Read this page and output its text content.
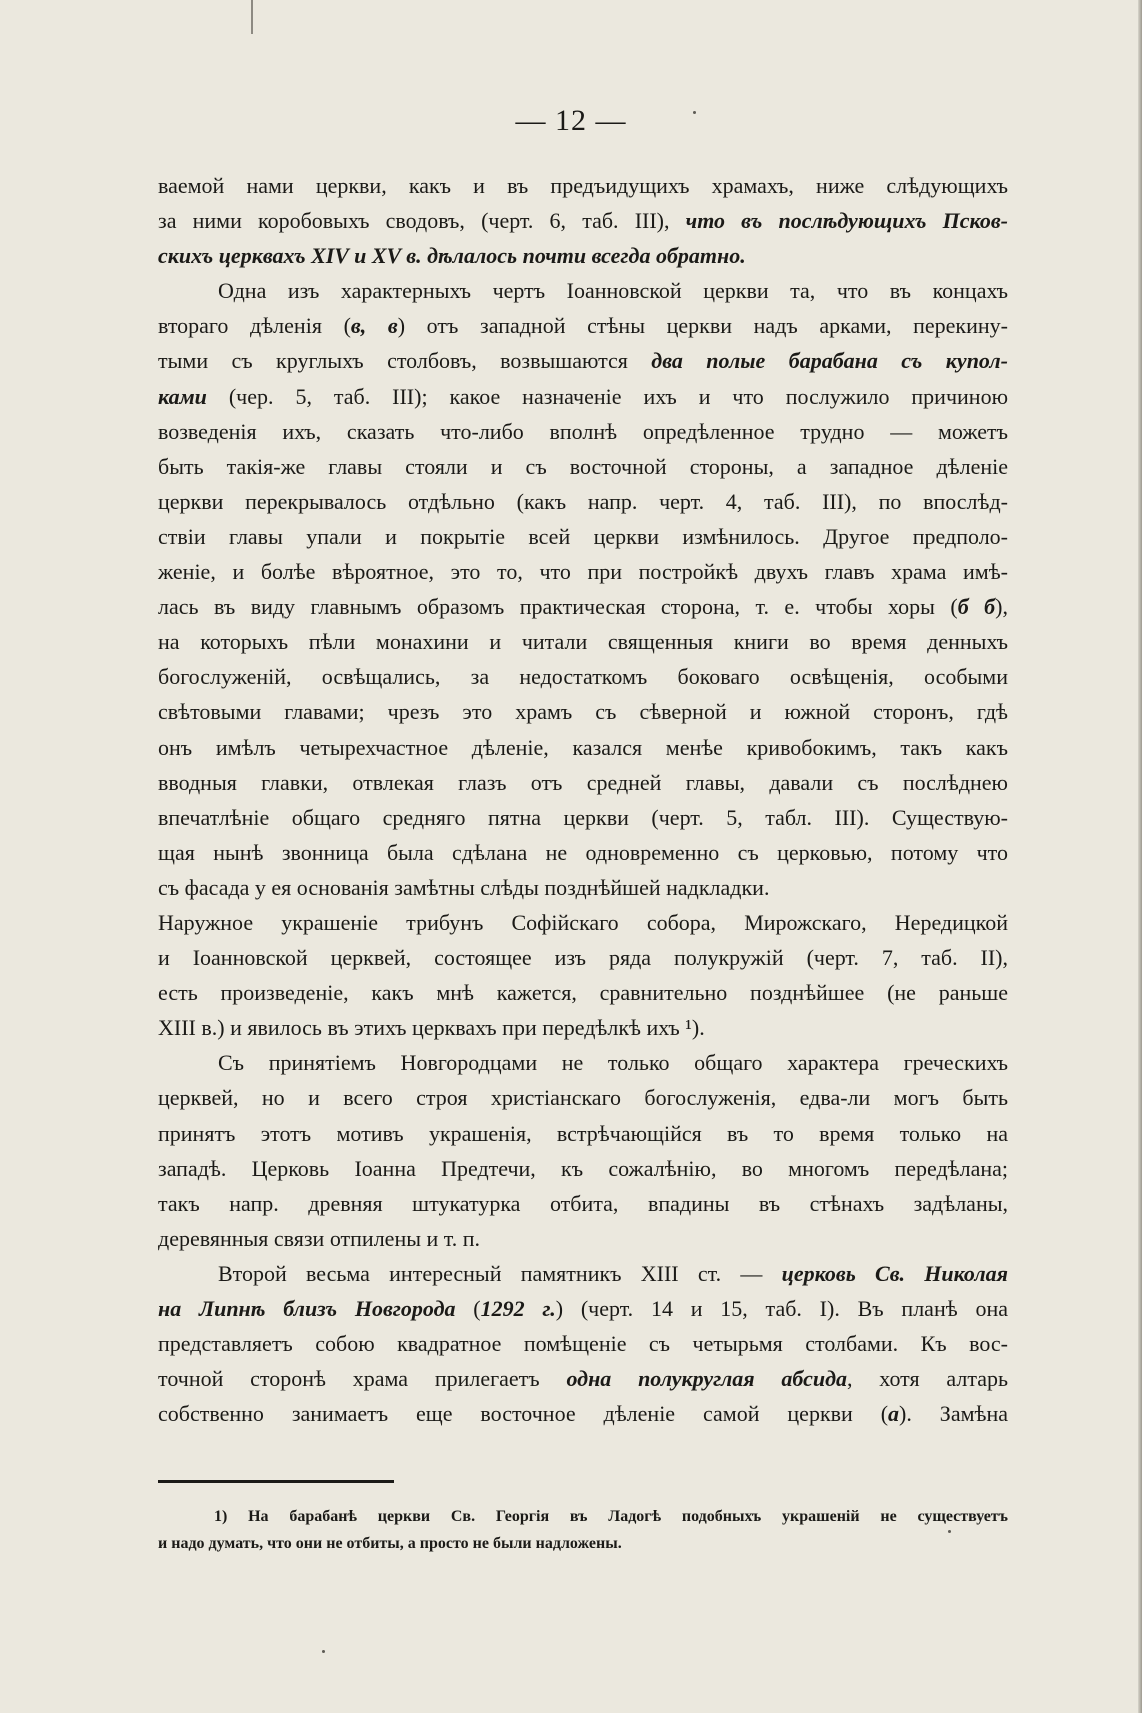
— 12 —
ваемой нами церкви, какъ и въ предъидущихъ храмахъ, ниже слѣдующихъ
за ними коробовыхъ сводовъ, (черт. 6, таб. III), что въ послѣдующихъ Псков-
скихъ церквахъ XIV и XV в. дѣлалось почти всегда обратно.
Одна изъ характерныхъ чертъ Іоанновской церкви та, что въ концахъ
втораго дѣленія (в, в) отъ западной стѣны церкви надъ арками, перекину-
тыми съ круглыхъ столбовъ, возвышаются два полые барабана съ купол-
ками (чер. 5, таб. III); какое назначеніе ихъ и что послужило причиною
возведенія ихъ, сказать что-либо вполнѣ опредѣленное трудно — можетъ
быть такія-же главы стояли и съ восточной стороны, а западное дѣленіе
церкви перекрывалось отдѣльно (какъ напр. черт. 4, таб. III), по впослѣд-
ствіи главы упали и покрытіе всей церкви измѣнилось. Другое предполо-
женіе, и болѣе вѣроятное, это то, что при постройкѣ двухъ главъ храма имѣ-
лась въ виду главнымъ образомъ практическая сторона, т. е. чтобы хоры (б б),
на которыхъ пѣли монахини и читали священныя книги во время денныхъ
богослуженій, освѣщались, за недостаткомъ боковаго освѣщенія, особыми
свѣтовыми главами; чрезъ это храмъ съ сѣверной и южной сторонъ, гдѣ
онъ имѣлъ четырехчастное дѣленіе, казался менѣе кривобокимъ, такъ какъ
вводныя главки, отвлекая глазъ отъ средней главы, давали съ послѣднею
впечатлѣніе общаго средняго пятна церкви (черт. 5, табл. III). Существую-
щая нынѣ звонница была сдѣлана не одновременно съ церковью, потому что
съ фасада у ея основанія замѣтны слѣды позднѣйшей надкладки.
Наружное украшеніе трибунъ Софійскаго собора, Мирожскаго, Нередицкой
и Іоанновской церквей, состоящее изъ ряда полукружій (черт. 7, таб. II),
есть произведеніе, какъ мнѣ кажется, сравнительно позднѣйшее (не раньше
XIII в.) и явилось въ этихъ церквахъ при передѣлкѣ ихъ ¹).
Съ принятіемъ Новгородцами не только общаго характера греческихъ
церквей, но и всего строя христіанскаго богослуженія, едва-ли могъ быть
принятъ этотъ мотивъ украшенія, встрѣчающійся въ то время только на
западѣ. Церковь Іоанна Предтечи, къ сожалѣнію, во многомъ передѣлана;
такъ напр. древняя штукатурка отбита, впадины въ стѣнахъ задѣланы,
деревянныя связи отпилены и т. п.
Второй весьма интересный памятникъ XIII ст. — церковь Св. Николая
на Липнѣ близъ Новгорода (1292 г.) (черт. 14 и 15, таб. I). Въ планѣ она
представляетъ собою квадратное помѣщеніе съ четырьмя столбами. Къ вос-
точной сторонѣ храма прилегаетъ одна полукруглая абсида, хотя алтарь
собственно занимаетъ еще восточное дѣленіе самой церкви (а). Замѣна
1) На барабанѣ церкви Св. Георгія въ Ладогѣ подобныхъ украшеній не существуетъ
и надо думать, что они не отбиты, а просто не были надложены.
